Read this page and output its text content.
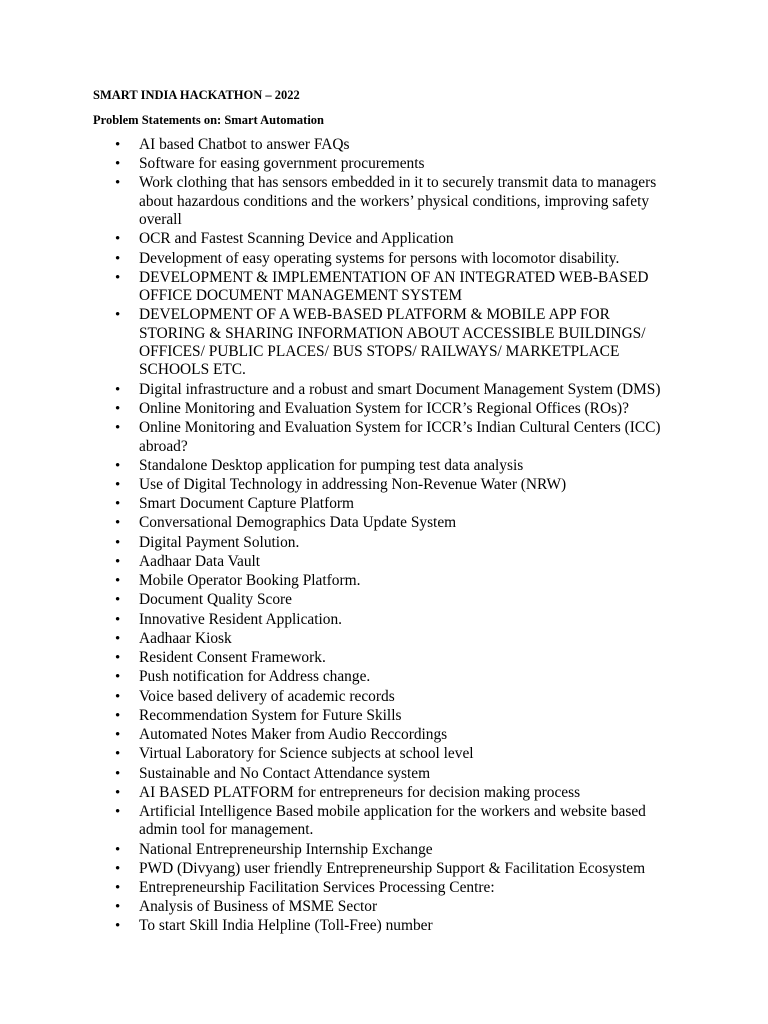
SMART INDIA HACKATHON – 2022
Problem Statements on: Smart Automation
• AI based Chatbot to answer FAQs
• Software for easing government procurements
• Work clothing that has sensors embedded in it to securely transmit data to managers about hazardous conditions and the workers’ physical conditions, improving safety overall
• OCR and Fastest Scanning Device and Application
• Development of easy operating systems for persons with locomotor disability.
• DEVELOPMENT & IMPLEMENTATION OF AN INTEGRATED WEB-BASED OFFICE DOCUMENT MANAGEMENT SYSTEM
• DEVELOPMENT OF A WEB-BASED PLATFORM & MOBILE APP FOR STORING & SHARING INFORMATION ABOUT ACCESSIBLE BUILDINGS/ OFFICES/ PUBLIC PLACES/ BUS STOPS/ RAILWAYS/ MARKETPLACE SCHOOLS ETC.
• Digital infrastructure and a robust and smart Document Management System (DMS)
• Online Monitoring and Evaluation System for ICCR’s Regional Offices (ROs)?
• Online Monitoring and Evaluation System for ICCR’s Indian Cultural Centers (ICC) abroad?
• Standalone Desktop application for pumping test data analysis
• Use of Digital Technology in addressing Non-Revenue Water (NRW)
• Smart Document Capture Platform
• Conversational Demographics Data Update System
• Digital Payment Solution.
• Aadhaar Data Vault
• Mobile Operator Booking Platform.
• Document Quality Score
• Innovative Resident Application.
• Aadhaar Kiosk
• Resident Consent Framework.
• Push notification for Address change.
• Voice based delivery of academic records
• Recommendation System for Future Skills
• Automated Notes Maker from Audio Reccordings
• Virtual Laboratory for Science subjects at school level
• Sustainable and No Contact Attendance system
• AI BASED PLATFORM for entrepreneurs for decision making process
• Artificial Intelligence Based mobile application for the workers and website based admin tool for management.
• National Entrepreneurship Internship Exchange
• PWD (Divyang) user friendly Entrepreneurship Support & Facilitation Ecosystem
• Entrepreneurship Facilitation Services Processing Centre:
• Analysis of Business of MSME Sector
• To start Skill India Helpline (Toll-Free) number
